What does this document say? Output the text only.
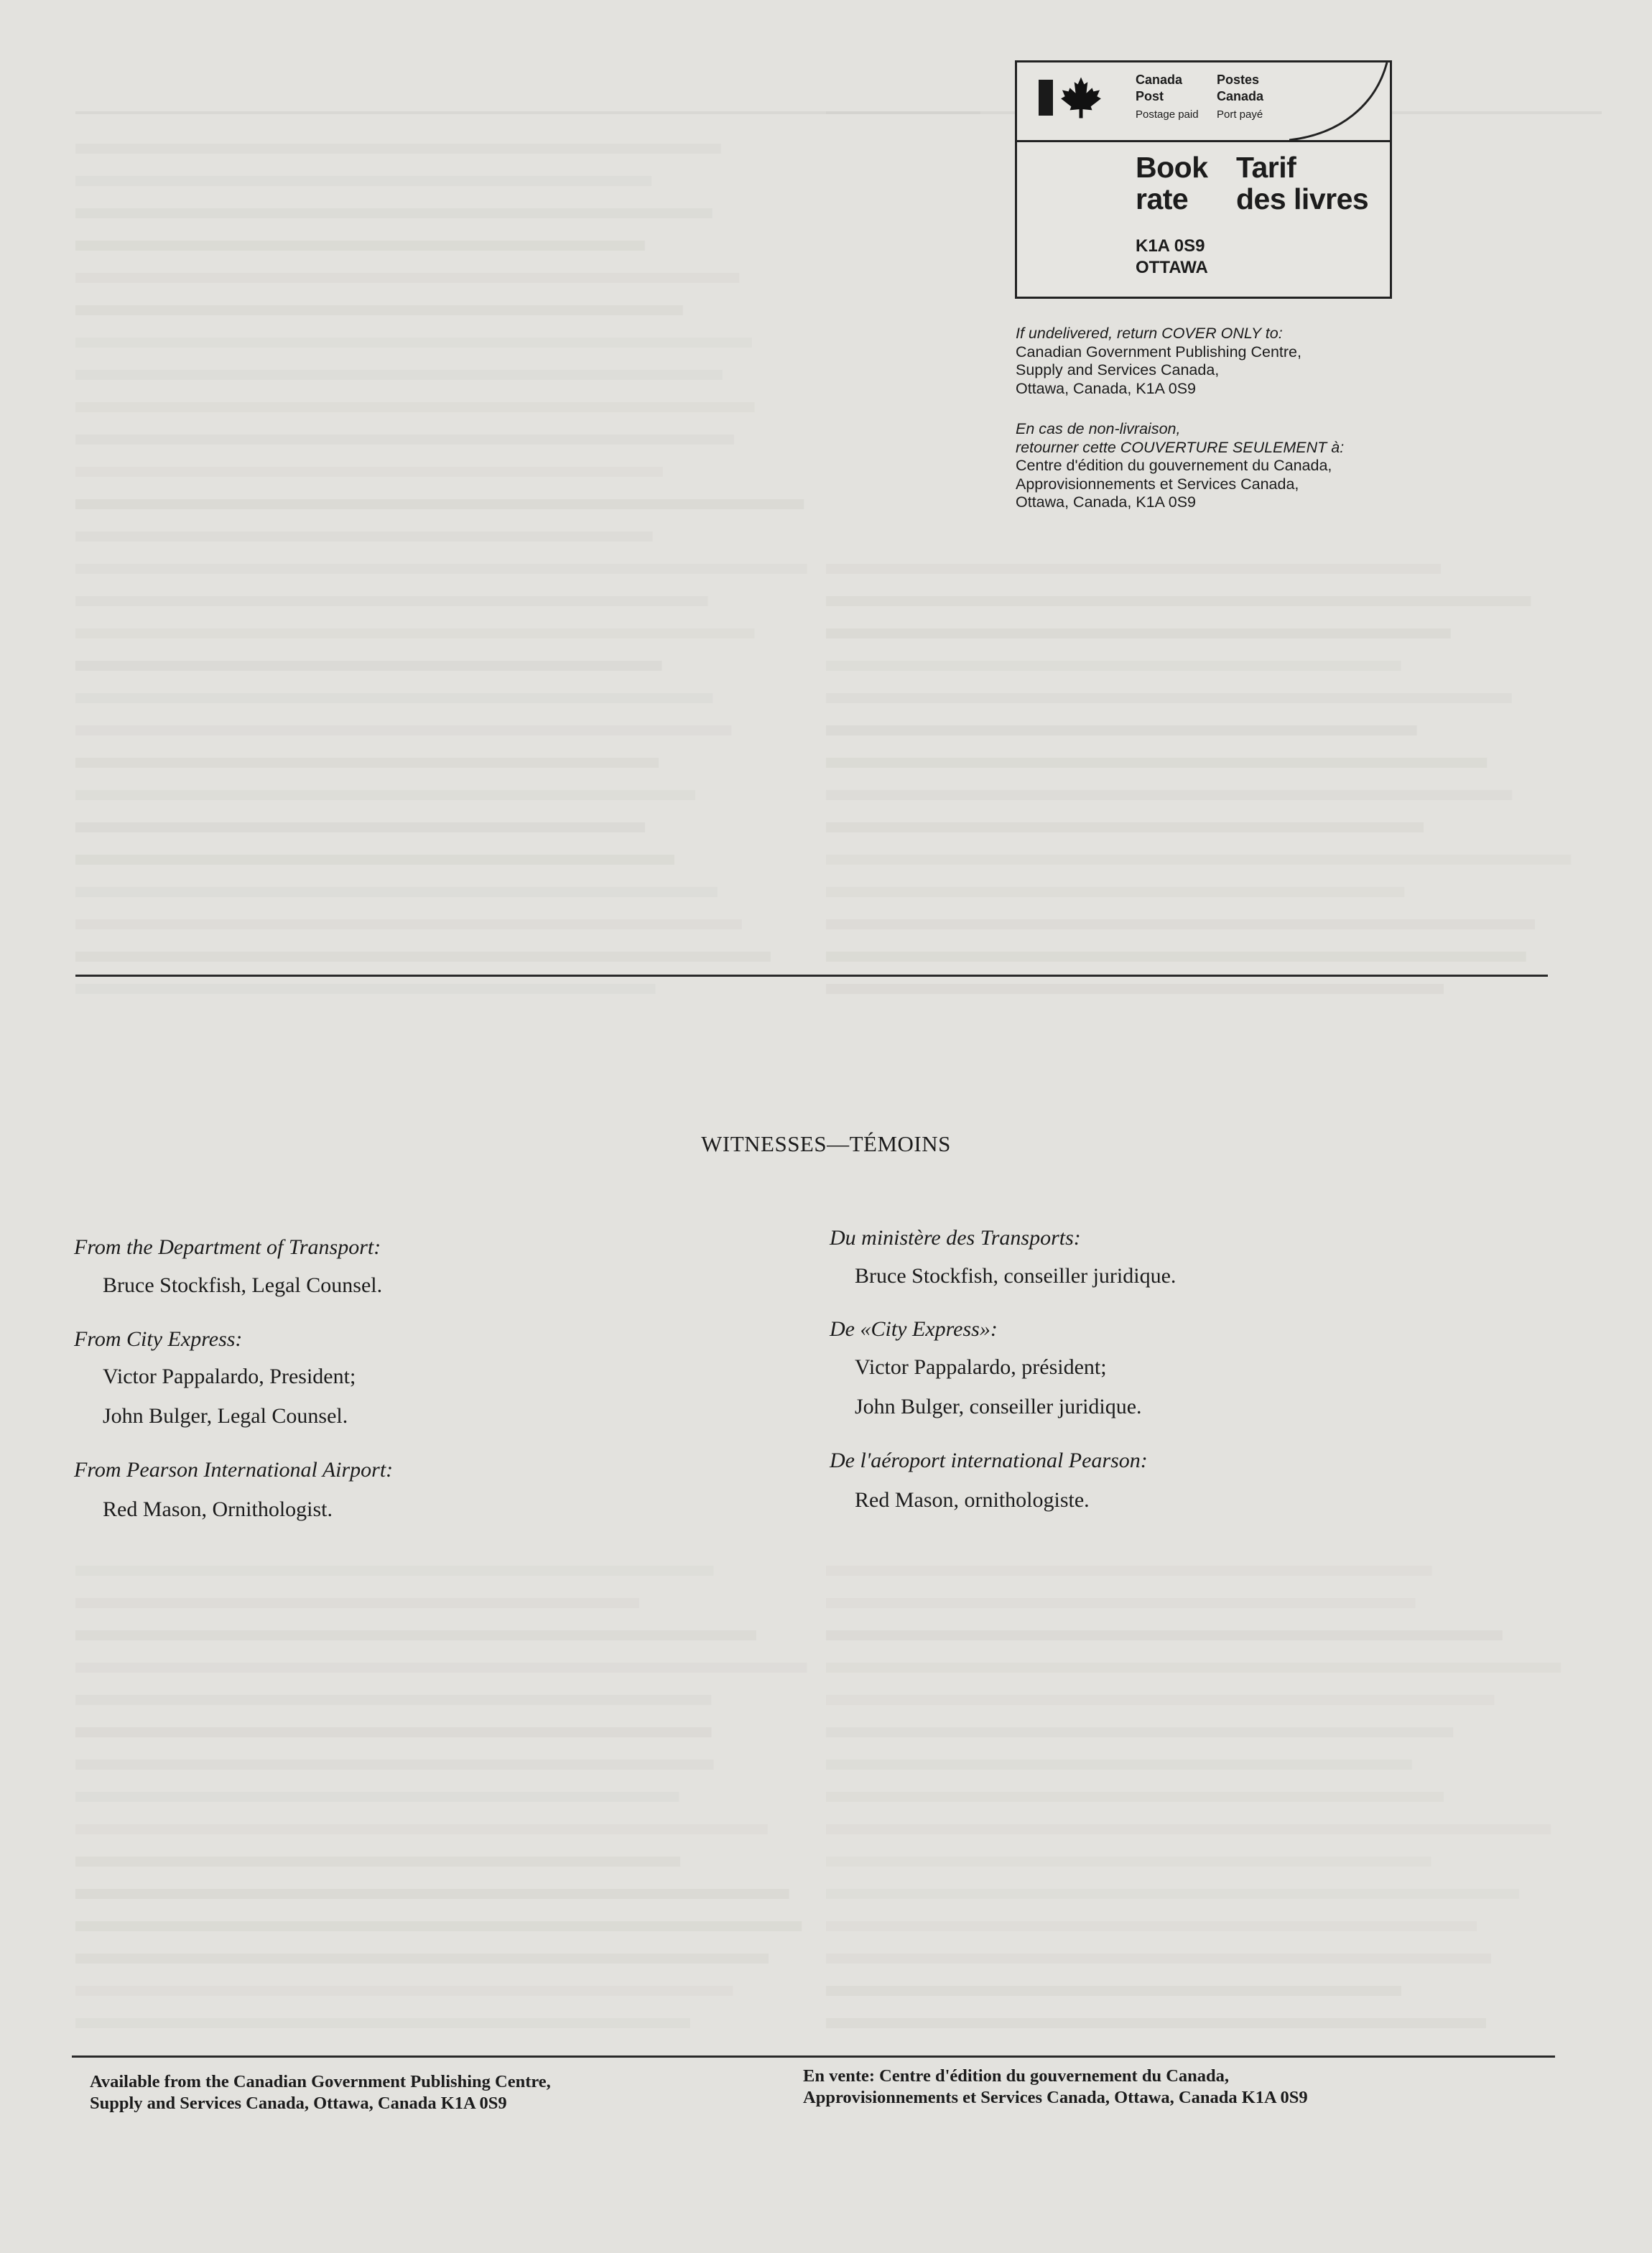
Canada
Post
Postage paid
Postes
Canada
Port payé
Book
rate
Tarif
des livres
K1A 0S9
OTTAWA
If undelivered, return COVER ONLY to:
Canadian Government Publishing Centre,
Supply and Services Canada,
Ottawa, Canada, K1A 0S9
En cas de non-livraison,
retourner cette COUVERTURE SEULEMENT à:
Centre d'édition du gouvernement du Canada,
Approvisionnements et Services Canada,
Ottawa, Canada, K1A 0S9
WITNESSES—TÉMOINS
From the Department of Transport:
Bruce Stockfish, Legal Counsel.
From City Express:
Victor Pappalardo, President;
John Bulger, Legal Counsel.
From Pearson International Airport:
Red Mason, Ornithologist.
Du ministère des Transports:
Bruce Stockfish, conseiller juridique.
De «City Express»:
Victor Pappalardo, président;
John Bulger, conseiller juridique.
De l'aéroport international Pearson:
Red Mason, ornithologiste.
Available from the Canadian Government Publishing Centre,
Supply and Services Canada, Ottawa, Canada K1A 0S9
En vente: Centre d'édition du gouvernement du Canada,
Approvisionnements et Services Canada, Ottawa, Canada K1A 0S9
